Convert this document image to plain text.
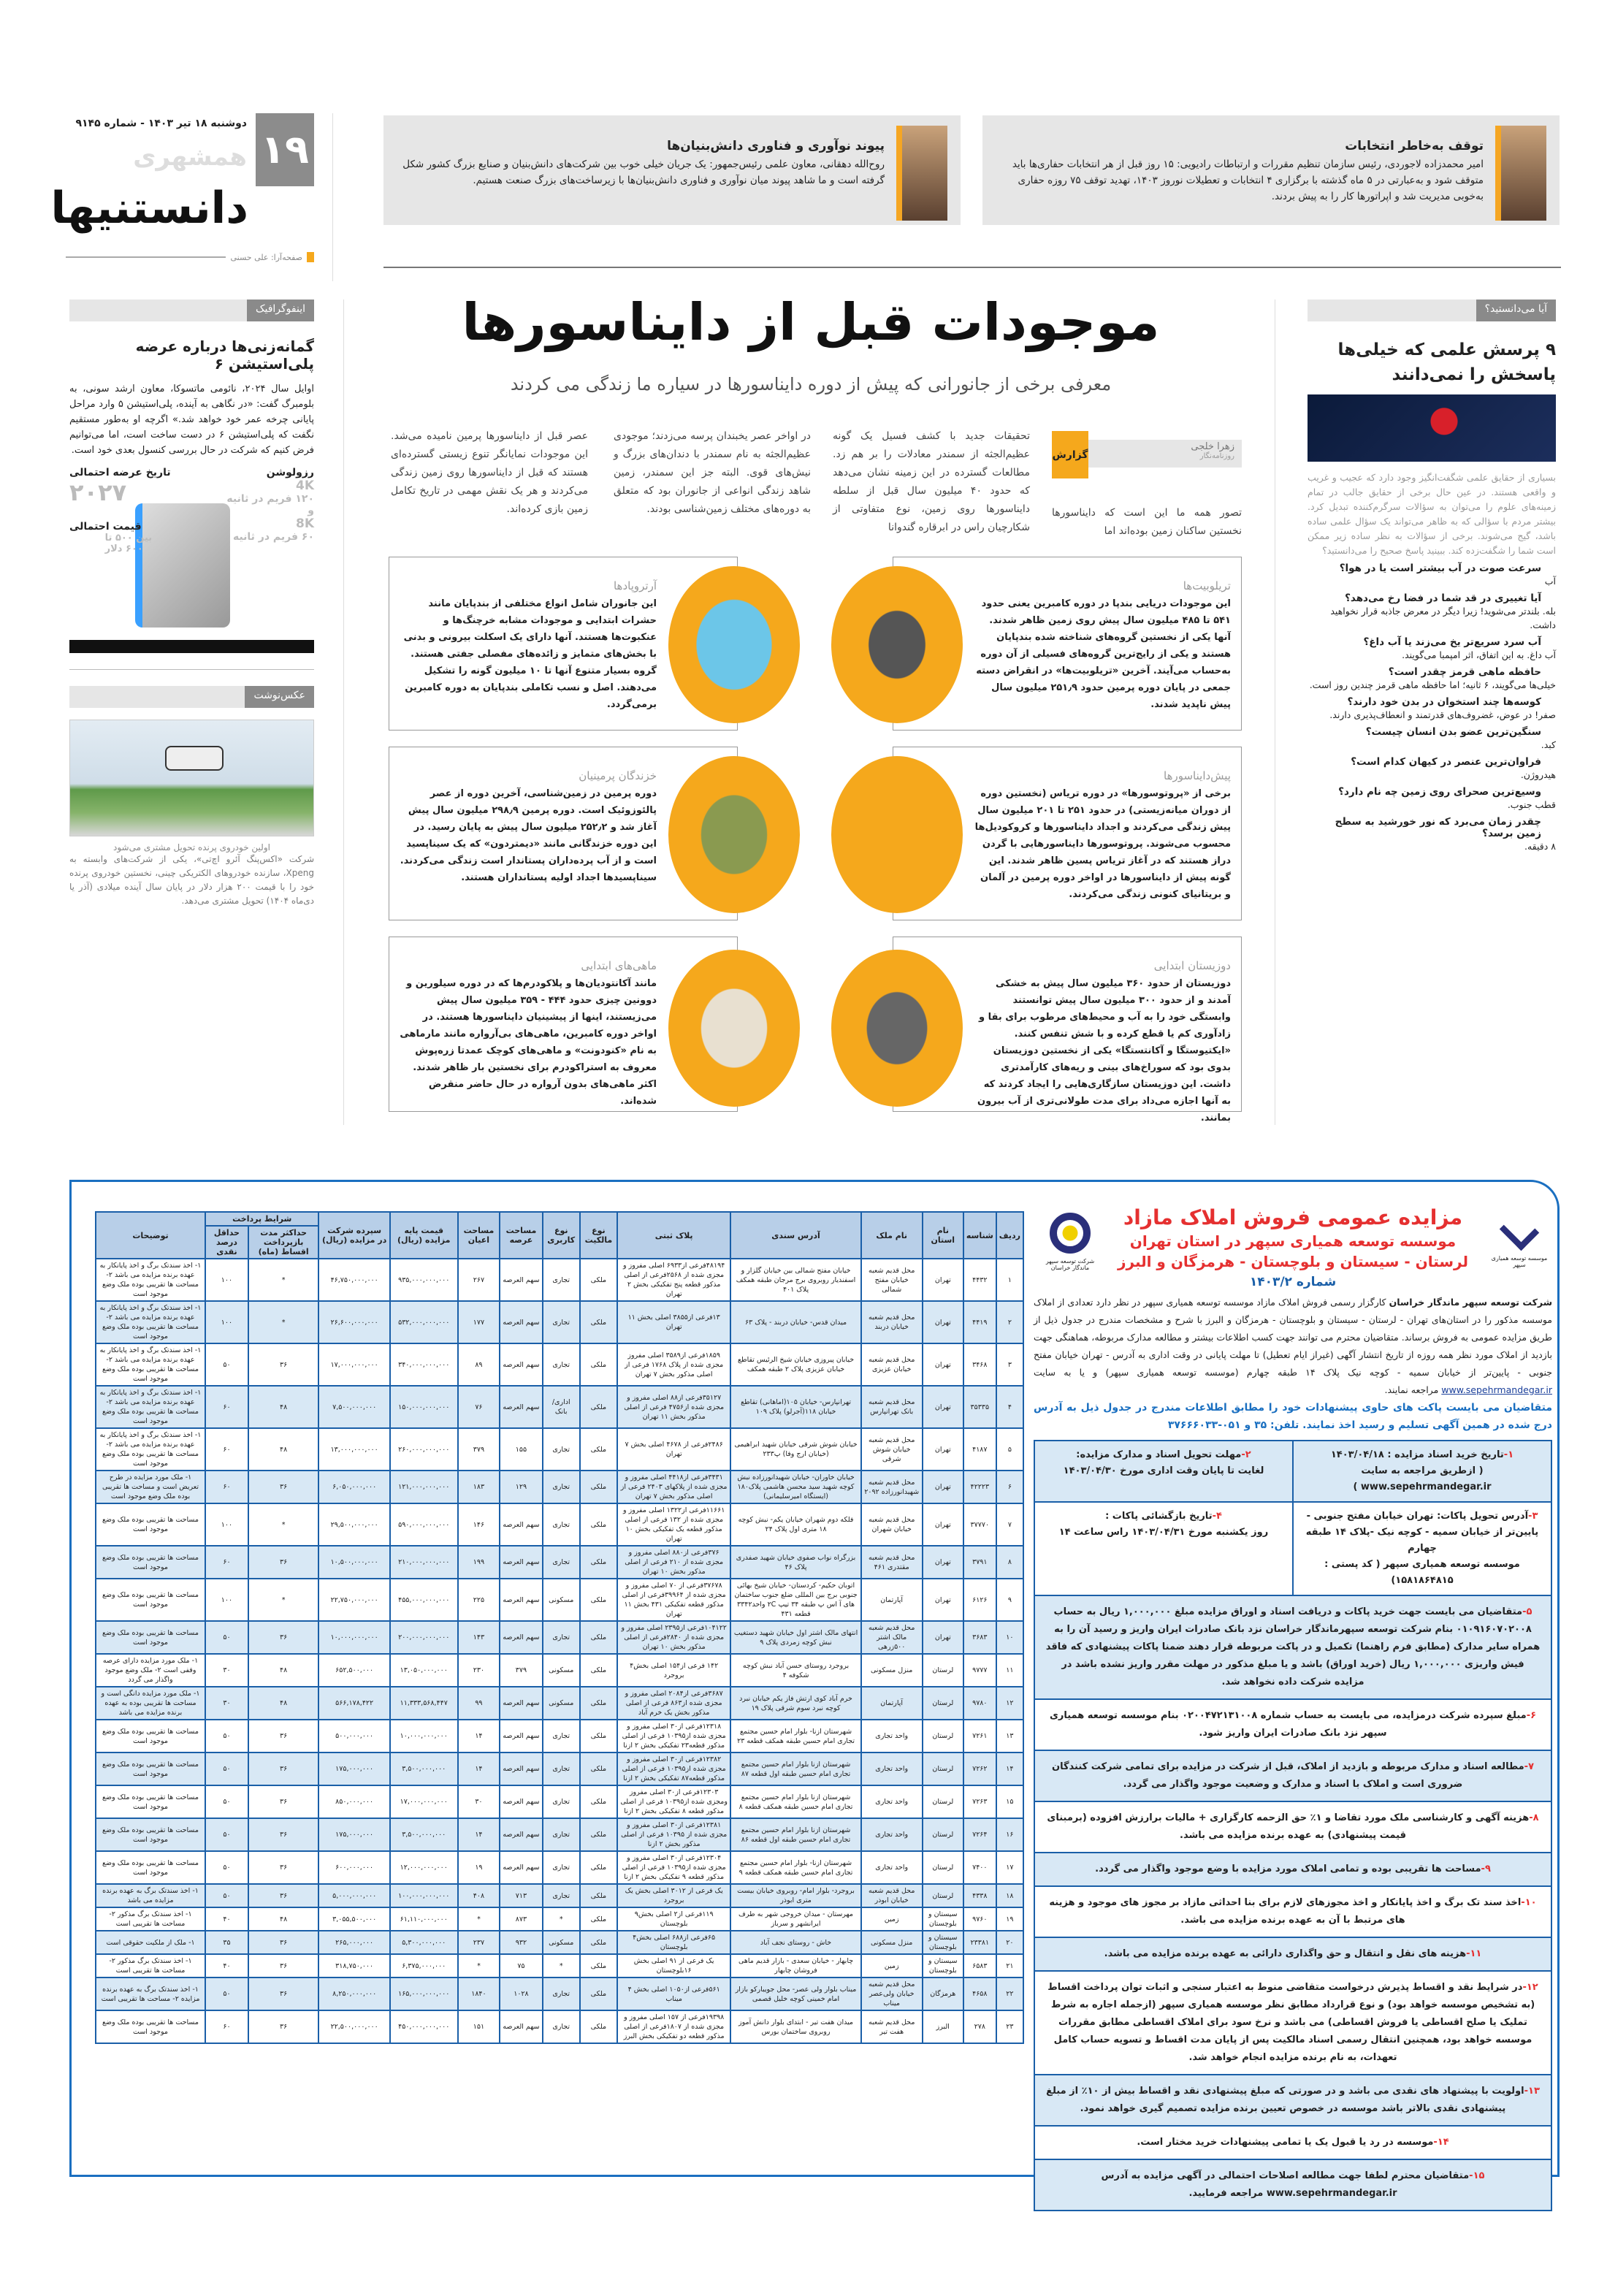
۱۹
دوشنبه ۱۸ تیر ۱۴۰۳ - شماره ۹۱۴۵
همشهری
دانستنیها
صفحه‌آرا: علی حسنی
توقف به‌خاطر انتخابات

امیر محمدزاده لاجوردی، رئیس سازمان تنظیم مقررات و ارتباطات رادیویی: ۱۵ روز قبل از هر انتخابات حفاری‌ها باید متوقف شود و به‌عبارتی در ۵ ماه گذشته با برگزاری ۴ انتخابات و تعطیلات نوروز ۱۴۰۳، تهدید توقف ۷۵ روزه حفاری به‌خوبی مدیریت شد و اپراتورها کار را به پیش بردند.

پیوند نوآوری و فناوری دانش‌بنیان‌ها

روح‌الله دهقانی، معاون علمی رئیس‌جمهور: یک جریان خیلی خوب بین شرکت‌های دانش‌بنیان و صنایع بزرگ کشور شکل گرفته است و ما شاهد پیوند میان نوآوری و فناوری دانش‌بنیان‌ها با زیرساخت‌های بزرگ صنعت هستیم.

اینفوگرافیک
گمانه‌زنی‌ها درباره عرضه پلی‌استیشن ۶

اوایل سال ۲۰۲۴، نائومی ماتسوکا، معاون ارشد سونی، به بلومبرگ گفت: «در نگاهی به آینده، پلی‌استیشن ۵ وارد مراحل پایانی چرخه عمر خود خواهد شد.» اگرچه او به‌طور مستقیم نگفت که پلی‌استیشن ۶ در دست ساخت است، اما می‌توانیم فرض کنیم که شرکت در حال بررسی کنسول بعدی خود است.

تاریخ عرضه احتمالی
۲۰۲۷
قیمت احتمالی
بین ۵۰۰ تا ۶۰۰ دلار
رزولوشن
4K
۱۲۰ فریم در ثانیه
و
8K
۶۰ فریم در ثانیه
عکس‌نوشت

اولین خودروی پرنده تحویل مشتری می‌شود

شرکت «اکس‌پنگ آئرو اچ‌تی»، یکی از شرکت‌های وابسته به Xpeng، سازنده خودروهای الکتریکی چینی، نخستین خودروی پرنده خود را با قیمت ۲۰۰ هزار دلار در پایان سال آینده میلادی (آذر یا دی‌ماه ۱۴۰۴) تحویل مشتری می‌دهد.

موجودات قبل از دایناسورها
معرفی برخی از جانورانی که پیش از دوره دایناسورها در سیاره ما زندگی می کردند
زهرا خلجی
روزنامه‌نگار
گزارش

تصور همه ما این است که دایناسورها نخستین ساکنان زمین بوده‌اند اما

تحقیقات جدید با کشف فسیل یک گونه عظیم‌الجثه از سمندر معادلات را بر هم زد. مطالعات گسترده در این زمینه نشان می‌دهد که حدود ۴۰ میلیون سال قبل از سلطه دایناسورها روی زمین، نوع متفاوتی از شکارچیان راس در ابرقاره گندوانا

در اواخر عصر یخبندان پرسه می‌زدند؛ موجودی عظیم‌الجثه به نام سمندر با دندان‌های بزرگ و نیش‌های قوی. البته جز این سمندر، زمین شاهد زندگی انواعی از جانوران بود که متعلق به دوره‌های مختلف زمین‌شناسی بودند.

عصر قبل از دایناسورها پرمین نامیده می‌شد. این موجودات نمایانگر تنوع زیستی گسترده‌ای هستند که قبل از دایناسورها روی زمین زندگی می‌کردند و هر یک نقش مهمی در تاریخ تکامل زمین بازی کرده‌اند.

تریلوبیت‌ها

این موجودات دریایی بندپا در دوره کامبرین یعنی حدود ۵۴۱ تا ۴۸۵ میلیون سال پیش روی زمین ظاهر شدند. آنها یکی از نخستین گروه‌های شناخته شده بندپایان هستند و یکی از رایج‌ترین گروه‌های فسیلی از آن دوره به‌حساب می‌آیند. آخرین «تریلوبیت‌ها» در انقراض دسته جمعی در پایان دوره پرمین حدود ۲۵۱٫۹ میلیون سال پیش ناپدید شدند.

آرتروپادها

این جانوران شامل انواع مختلفی از بندپایان مانند حشرات ابتدایی و موجودات مشابه خرچنگ‌ها و عنکبوت‌ها هستند. آنها دارای یک اسکلت بیرونی و بدنی با بخش‌های متمایز و زائده‌های مفصلی جفتی هستند. گروه بسیار متنوع آنها تا ۱۰ میلیون گونه را تشکیل می‌دهند. اصل و نسب تکاملی بندپایان به دوره کامبرین برمی‌گردد.

پیش‌دایناسورها

برخی از «پروتوسورها» در دوره تریاس (نخستین دوره از دوران میانه‌زیستی) در حدود ۲۵۱ تا ۲۰۱ میلیون سال پیش زندگی می‌کردند و اجداد دایناسورها و کروکودیل‌ها محسوب می‌شوند. پروتوسورها دایناسورهایی با گردن دراز هستند که در آغاز تریاس پسین ظاهر شدند. این گونه پیش از دایناسورها در اواخر دوره پرمین در آلمان و بریتانیای کنونی زندگی می‌کردند.

خزندگان پرمینیان

دوره پرمین در زمین‌شناسی، آخرین دوره از عصر پالئوزوئیک است. دوره پرمین ۲۹۸٫۹ میلیون سال پیش آغاز شد و ۲۵۲٫۲ میلیون سال پیش به پایان رسید. در این دوره خزندگانی مانند «دیمتردون» که یک سیناپسید است و از آب پرده‌داران پستاندار است زندگی می‌کردند. سیناپسیدها اجداد اولیه پستانداران هستند.

دوزیستان ابتدایی

دوزیستان از حدود ۳۶۰ میلیون سال پیش به خشکی آمدند و از حدود ۳۰۰ میلیون سال پیش توانستند وابستگی خود را به آب و محیط‌های مرطوب برای بقا و زادآوری کم یا قطع کرده و با شش تنفس کنند. «ایکتیوستگا و آکانتستگا» یکی از نخستین دوزیستان بدوی بود که سوراخ‌های بینی و ریه‌های کارآمدتری داشت. این دوزیستان سازگاری‌هایی را ایجاد کردند که به آنها اجازه می‌داد برای مدت طولانی‌تری از آب بیرون بمانند.

ماهی‌های ابتدایی

مانند آکانتودیان‌ها و پلاکودرم‌ها که در دوره سیلورین و دوونین چیزی حدود ۴۴۴ - ۳۵۹ میلیون سال پیش می‌زیستند، اینها از پیشینیان دایناسورها هستند. در اواخر دوره کامبرین، ماهی‌های بی‌آرواره مانند مارماهی به نام «کنودونت» و ماهی‌های کوچک عمدتا زره‌پوش معروف به استراکودرم برای نخستین بار ظاهر شدند. اکثر ماهی‌های بدون آرواره در حال حاضر منقرض شده‌اند.

آیا می‌دانستید؟
۹ پرسش علمی که خیلی‌ها پاسخش را نمی‌دانند

بسیاری از حقایق علمی شگفت‌انگیز وجود دارد که عجیب و غریب و واقعی هستند. در عین حال برخی از حقایق جالب در تمام زمینه‌های علوم را می‌توان به سؤالات سرگرم‌کننده تبدیل کرد. بیشتر مردم با سؤالی که به ظاهر می‌تواند یک سؤال علمی ساده باشد، گیج می‌شوند. برخی از سؤالات به نظر ساده زیر ممکن است شما را شگفت‌زده کند. ببینید پاسخ صحیح را می‌دانستید؟

سرعت صوت در آب بیشتر است یا در هوا؟
آب
آیا تغییری در قد شما در فضا رخ می‌دهد؟
بله. بلندتر می‌شوید! زیرا دیگر در معرض جاذبه قرار نخواهید داشت.
آب سرد سریع‌تر یخ می‌زند یا آب داغ؟
آب داغ. به این اتفاق، اثر امپمبا می‌گویند.
حافظه ماهی قرمز چقدر است؟
خیلی‌ها می‌گویند، ۶ ثانیه؛ اما حافظه ماهی قرمز چندین روز است.
کوسه‌ها چند استخوان در بدن خود دارند؟
صفر! در عوض، غضروف‌های قدرتمند و انعطاف‌پذیری دارند.
سنگین‌ترین عضو بدن انسان چیست؟
کبد.
فراوان‌ترین عنصر در کیهان کدام است؟
هیدروژن.
وسیع‌ترین صحرای روی زمین چه نام دارد؟
قطب جنوب.
چقدر زمان می‌برد که نور خورشید به سطح زمین برسد؟
۸ دقیقه.
موسسه توسعه همیاری سپهر
شرکت توسعه سپهر ماندگار خراسان
مزایده عمومی فروش املاک مازاد
موسسه توسعه همیاری سپهر در استان تهران
لرستان - سیستان و بلوچستان - هرمزگان و البرز
شماره ۱۴۰۳/۲

شرکت توسعه سپهر ماندگار خراسان کارگزار رسمی فروش املاک مازاد موسسه توسعه همیاری سپهر در نظر دارد تعدادی از املاک موسسه مذکور را در استان‌های تهران - لرستان - سیستان و بلوچستان - هرمزگان و البرز با شرح و مشخصات مندرج در جدول ذیل از طریق مزایده عمومی به فروش برساند. متقاضیان محترم می توانند جهت کسب اطلاعات بیشتر و مطالعه مدارک مربوطه، هماهنگی جهت بازدید از املاک مورد نظر همه روزه از تاریخ انتشار آگهی (غیراز ایام تعطیل) تا مهلت پایانی در وقت اداری به آدرس - تهران خیابان مفتح جنوبی - پایین‌تر از خیابان سمیه - کوچه نیک پلاک ۱۴ طبقه چهارم (موسسه توسعه همیاری سپهر) و یا به سایت www.sepehrmandegar.ir مراجعه نمایند.

متقاضیان می بایست پاکت های حاوی پیشنهادات خود را مطابق اطلاعات مندرج در جدول ذیل به آدرس درج شده در همین آگهی تسلیم و رسید اخذ نمایند. تلفن: ۳۵ و ۰۵۱-۳۷۶۶۶۰۳۳

۱-تاریخ خرید اسناد مزایده : ۱۴۰۳/۰۴/۱۸
( ازطریق مراجعه به سایت www.sepehrmandegar.ir )
۲-مهلت تحویل اسناد و مدارک مزایده:
لغایت تا پایان وقت اداری مورخ ۱۴۰۳/۰۴/۳۰
۳-آدرس تحویل پاکات: تهران خیابان مفتح جنوبی - پایین‌تر از خیابان سمیه - کوچه نیک -پلاک ۱۴ طبقه چهارم
موسسه توسعه همیاری سپهر ( کد پستی : ۱۵۸۱۸۶۴۸۱۵)
۴-تاریخ بازگشائی پاکات :
روز یکشنبه مورخ ۱۴۰۳/۰۴/۳۱ راس ساعت ۱۴
۵-متقاضیان می بایست جهت خرید پاکات و دریافت اسناد و اوراق مزایده مبلغ ۱,۰۰۰,۰۰۰ ریال به حساب ۰۱۰۹۱۶۰۷۰۲۰۰۸ بنام شرکت توسعه سپهرماندگار خراسان نزد بانک صادرات ایران واریز و رسید آن را به همراه سایر مدارک (مطابق فرم راهنما) تکمیل و در پاکت مربوطه قرار دهند ضمنا پاکات پیشنهادی که فاقد فیش واریزی ۱,۰۰۰,۰۰۰ ریال (خرید اوراق) باشد و یا مبلغ مذکور در مهلت مقرر واریز نشده باشد در مزایده شرکت داده نخواهد شد.
۶-مبلغ سپرده شرکت درمزایده، می بایست به حساب شماره ۰۲۰۰۴۷۲۱۳۱۰۰۸ بنام موسسه توسعه همیاری سپهر نزد بانک صادرات ایران واریز شود.
۷-مطالعه اسناد و مدارک مربوطه و بازدید از املاک، قبل از شرکت در مزایده برای تمامی شرکت کنندگان ضروری است و املاک با اسناد و مدارک و وضعیت موجود واگذار می گردد.
۸-هزینه آگهی و کارشناسی ملک مورد تقاضا و ۱٪ حق الزحمه کارگزاری + مالیات برارزش افزوده (برمبنای قیمت پیشنهادی) به عهده برنده مزایده می باشد.
۹-مساحت ها تقریبی بوده و تمامی املاک مورد مزایده با وضع موجود واگذار می گردد.
۱۰-اخذ سند تک برگ و اخذ پایانکار و اخذ مجوزهای لازم برای بنا احداثی مازاد بر مجوز های موجود و هزینه های مرتبط با آن به عهده برنده مزایده می باشد.
۱۱-هزینه های نقل و انتقال و حق واگذاری دارائی به عهده برنده مزایده می باشد.
۱۲-در شرایط نقد و اقساط پذیرش درخواست متقاضی منوط به اعتبار سنجی و اثبات توان پرداخت اقساط (به تشخیص موسسه خواهد بود) و نوع قرارداد مطابق نظر موسسه همیاری سپهر (ازجمله اجاره به شرط تملیک یا صلح اقساطی یا فروش اقساطی) می باشد و نرخ سود برای املاک اقساطی مطابق مقررات موسسه خواهد بود، همچنین انتقال رسمی اسناد مالکیت پس از پایان مدت اقساط و تسویه حساب کامل تعهدات، به نام برنده مزایده انجام خواهد شد.
۱۳-اولویت با پیشنهاد های نقدی می باشد و در صورتی که مبلغ پیشنهادی نقد و اقساط بیش از ۱۰٪ از مبلغ پیشنهادی نقدی بالاتر باشد موسسه در خصوص تعیین برنده مزایده تصمیم گیری خواهد نمود.
۱۴-موسسه در رد یا قبول یک یا تمامی پیشنهادات خرید مختار است.
۱۵-متقاضیان محترم لطفا جهت مطالعه اصلاحات احتمالی در آگهی مزایده به آدرس www.sepehrmandegar.ir مراجعه فرمایید.
ردیف	شناسه	نام استان	نام ملک	آدرس سندی	پلاک ثبتی	نوع مالکیت	نوع کاربری	مساحت عرصه	مساحت اعیان	قیمت پایه مزایده (ریال)	سپرده شرکت در مزایده (ریال)	شرایط پرداخت		توضیحات
												حداکثر مدت بازپرداخت اقساط (ماه)	حداقل درصد نقدی	
۱	۴۴۳۲	تهران	محل قدیم شعبه خیابان مفتح شمالی	خیابان مفتح شمالی بین خیابان گلزار و اسفندیار روبروی برج مرجان طبقه همکف پلاک ۴۰۱	۴۸۱۹۴فرعی از۶۹۳۳ اصلی مفروز و مجزی شده از ۲۵۶۸فرعی از اصلی مذکور قطعه پنج تفکیکی بخش ۲ تهران	ملکی	تجاری	سهم العرصه	۲۶۷	۹۳۵,۰۰۰,۰۰۰,۰۰۰	۴۶,۷۵۰,۰۰۰,۰۰۰	*	۱۰۰	۱- اخذ سندتک برگ و اخذ پایانکار به عهده برنده مزایده می باشد ۲- مساحت ها تقریبی بوده ملک وضع موجود است
۲	۴۴۱۹	تهران	محل قدیم شعبه خیابان دربند	میدان قدس- خیابان دربند - پلاک ۶۳	۱۳فرعی از۳۸۵۵ اصلی بخش ۱۱ تهران	ملکی	تجاری	سهم العرصه	۱۷۷	۵۳۲,۰۰۰,۰۰۰,۰۰۰	۲۶,۶۰۰,۰۰۰,۰۰۰	*	۱۰۰	۱- اخذ سندتک برگ و اخذ پایانکار به عهده برنده مزایده می باشد ۲- مساحت ها تقریبی بوده ملک وضع موجود است
۳	۳۴۶۸	تهران	محل قدیم شعبه خیابان عزیزی	خیابان پیروزی خیابان شیخ الرئیس تقاطع خیابان عزیزی پلاک ۲ طبقه همکف	۱۸۵۹فرعی از۳۵۸۹ اصلی مفروز مجزی شده از پلاک ۱۷۶۸ فرعی از اصلی مذکور بخش ۷ تهران	ملکی	تجاری	سهم العرصه	۸۹	۳۴۰,۰۰۰,۰۰۰,۰۰۰	۱۷,۰۰۰,۰۰۰,۰۰۰	۳۶	۵۰	۱- اخذ سندتک برگ و اخذ پایانکار به عهده برنده مزایده می باشد ۲- مساحت ها تقریبی بوده ملک وضع موجود است
۴	۳۵۳۳۵	تهران	محل قدیم شعبه بانک تهرانپارس	تهرانپارس- خیابان ۱۰۵(اماهانی) تقاطع خیابان ۱۱۸(آجرلو) پلاک ۱۰۹	۳۵۱۲۷فرعی از۸۸ اصلی مفروز و مجزی شده از۴۷۵۶ فرعی از اصلی مذکور بخش ۱۱ تهران	ملکی	اداری/ بانک	سهم العرصه	۷۶	۱۵۰,۰۰۰,۰۰۰,۰۰۰	۷,۵۰۰,۰۰۰,۰۰۰	۴۸	۶۰	۱- اخذ سندتک برگ و اخذ پایانکار به عهده برنده مزایده می باشد ۲- مساحت ها تقریبی بوده ملک وضع موجود است
۵	۴۱۸۷	تهران	محل قدیم شعبه خیابان شوش شرقی	خیابان شوش شرقی خیابان شهید ابراهیمی (خیابان ارج وفا) پ۲۳۳	۲۴۸۶فرعی از ۴۶۷۸ اصلی بخش ۷ تهران	ملکی	تجاری	۱۵۵	۳۷۹	۲۶۰,۰۰۰,۰۰۰,۰۰۰	۱۳,۰۰۰,۰۰۰,۰۰۰	۴۸	۶۰	۱- اخذ سندتک برگ و اخذ پایانکار به عهده برنده مزایده می باشد ۲- مساحت ها تقریبی بوده ملک وضع موجود است
۶	۴۲۲۲۳	تهران	محل قدیم شعبه شهیدانورزاده ۲۰۹۲	خیابان خاوران- خیابان شهیدانورزاده نبش کوچه شهید سید محسن هاشمی پلاک۱۸۰ (ایستگاه امیرسلیمانی)	۳۴۳۱فرعی از۴۴۱۸ اصلی مفروز و مجزی شده از پلاکهای ۲۴۰۳ فرعی از اصلی مذکور بخش ۷ تهران	ملکی	تجاری	۱۲۹	۱۸۳	۱۲۱,۰۰۰,۰۰۰,۰۰۰	۶,۰۵۰,۰۰۰,۰۰۰	۳۶	۶۰	۱- ملک مورد مزایده در طرح تعریض است و مساحت ها تقریبی بوده ملک وضع موجود است
۷	۳۷۷۷۰	تهران	محل قدیم شعبه خیابان شهران	فلکه دوم شهران خیابان یکم- نبش کوچه ۱۸ متری اول پلاک ۲۴	۱۱۶۶۱فرعی از۱۳۲۲ اصلی مفروز و مجزی شده از ۱۳۲ فرعی از اصلی مذکور قطعه یک تفکیکی بخش ۱۰ تهران	ملکی	تجاری	سهم العرصه	۱۴۶	۵۹۰,۰۰۰,۰۰۰,۰۰۰	۲۹,۵۰۰,۰۰۰,۰۰۰	*	۱۰۰	مساحت ها تقریبی بوده ملک وضع موجود است
۸	۳۷۹۱	تهران	محل قدیم شعبه مقتدری ۴۶۱	بزرگراه نواب صفوی خیابان شهید صفدری پلاک ۴۶	۳۷۶فرعی از۸۸۰ اصلی مفروز و مجزی شده از ۲۱۰ فرعی از اصلی مذکور بخش ۱۰ تهران	ملکی	تجاری	سهم العرصه	۱۹۹	۲۱۰,۰۰۰,۰۰۰,۰۰۰	۱۰,۵۰۰,۰۰۰,۰۰۰	۳۶	۶۰	مساحت ها تقریبی بوده ملک وضع موجود است
۹	۶۱۲۶	تهران	آپارتمان	اتوبان حکیم- کردستان- خیابان شیخ بهائی جنوبی برج بین المللی ضلع جنوب ساختمان های آ اس پ طبقه ۳۴ تیپ ۲C واحد۳۳۴۲ قطعه ۴۳۱	۳۷۶۷۸فرعی از ۷۰ اصلی مفروز و مجزی شده از ۳۹۹۶۴فرعی از اصلی مذکور قطعه تفکیکی ۴۳۱ بخش ۱۱ تهران	ملکی	مسکونی	سهم العرصه	۲۲۵	۴۵۵,۰۰۰,۰۰۰,۰۰۰	۲۲,۷۵۰,۰۰۰,۰۰۰	*	۱۰۰	مساحت ها تقریبی بوده ملک وضع موجود است
۱۰	۳۶۸۳	تهران	محل قدیم شعبه مالک اشتر ۵۰۰زرهی	انتهای مالک اشتر اول خیابان شهید دستغیب نبش کوچه زمردی پلاک ۹	۱۰۴۱۲۲فرعی از۲۳۹۵ اصلی مفروز و مجزی شده از ۲۸۴۰فرعی از اصلی مذکور بخش ۱۰ تهران	ملکی	تجاری	سهم العرصه	۱۴۳	۲۰۰,۰۰۰,۰۰۰,۰۰۰	۱۰,۰۰۰,۰۰۰,۰۰۰	۳۶	۵۰	مساحت ها تقریبی بوده ملک وضع موجود است
۱۱	۹۷۷۷	لرستان	منزل مسکونی	بروجرد روستای حسن آباد نبش کوچه شکوفه ۴	۱۴۲ فرعی از۱۵۴ اصلی بخش۴ بروجرد	ملکی	مسکونی	۳۷۹	۲۳۰	۱۳,۰۵۰,۰۰۰,۰۰۰	۶۵۲,۵۰۰,۰۰۰	۴۸	۳۰	۱- ملک مورد مزایده دارای عرصه وقفی است ۲- ملک وضع موجود واگذار می گردد
۱۲	۹۷۸۰	لرستان	آپارتمان	خرم آباد کوی ارتش فاز یکم خیابان نبرد کوچه نبرد سوم شرقی پلاک ۱۹	۳۶۸۷فرعی از۲۰۸۴ اصلی مفروز و مجزی شده از۸۶۳ فرعی از اصلی مذکور بخش یک خرم آباد	ملکی	مسکونی	سهم العرصه	۹۹	۱۱,۳۳۳,۵۶۸,۴۴۷	۵۶۶,۱۷۸,۴۲۲	۴۸	۳۰	۱- ملک مورد مزایده دانگی است و مساحت ها تقریبی بوده به عهده برنده مزایده می باشد
۱۳	۷۲۶۱	لرستان	واحد تجاری	شهرستان ازنا- بلوار امام حسین مجتمع تجاری امام حسین طبقه همکف قطعه ۲۳	۱۲۳۱۸فرعی از۳۰ اصلی مفروز و مجزی شده از۱۰۳۹۵ فرعی از اصلی مذکور قطعه۲۳ تفکیکی بخش ۲ ازنا	ملکی	تجاری	سهم العرصه	۱۴	۱۰,۰۰۰,۰۰۰,۰۰۰	۵۰۰,۰۰۰,۰۰۰	۳۶	۵۰	مساحت ها تقریبی بوده ملک وضع موجود است
۱۴	۷۲۶۲	لرستان	واحد تجاری	شهرستان ازنا بلوار امام حسین مجتمع تجاری امام حسین طبقه اول قطعه ۸۷	۱۲۳۸۲فرعی از۳۰ اصلی مفروز و مجزی شده از۱۰۳۹۵ فرعی از اصلی مذکور قطعه۸۷ تفکیکی بخش ۲ ازنا	ملکی	تجاری	سهم العرصه	۱۴	۳,۵۰۰,۰۰۰,۰۰۰	۱۷۵,۰۰۰,۰۰۰	۳۶	۵۰	مساحت ها تقریبی بوده ملک وضع موجود است
۱۵	۷۲۶۳	لرستان	واحد تجاری	شهرستان ازنا بلوار امام حسین مجتمع تجاری امام حسین طبقه همکف قطعه ۸	۱۲۳۰۳فرعی از۳۰ اصلی مفروز ومجزی شده از۱۰۳۹۵ فرعی از اصلی مذکور قطعه ۸ تفکیکی بخش ۲ ازنا	ملکی	تجاری	سهم العرصه	۳۰	۱۷,۰۰۰,۰۰۰,۰۰۰	۸۵۰,۰۰۰,۰۰۰	۳۶	۵۰	مساحت ها تقریبی بوده ملک وضع موجود است
۱۶	۷۲۶۴	لرستان	واحد تجاری	شهرستان ازنا بلوار امام حسین مجتمع تجاری امام حسین طبقه اول قطعه ۸۶	۱۲۳۸۱فرعی از۳۰ اصلی مفروز و مجزی شده از ۱۰۳۹۵ فرعی از اصلی مذکور بخش ۲ ازنا	ملکی	تجاری	سهم العرصه	۱۴	۳,۵۰۰,۰۰۰,۰۰۰	۱۷۵,۰۰۰,۰۰۰	۳۶	۵۰	مساحت ها تقریبی بوده ملک وضع موجود است
۱۷	۷۴۰۰	لرستان	واحد تجاری	شهرستان ازنا- بلوار امام حسین مجتمع تجاری امام حسین طبقه همکف قطعه ۹	۱۲۳۰۴فرعی از۳۰ اصلی مفروز و مجزی شده از۱۰۳۹۵ فرعی از اصلی مذکور قطعه ۹ تفکیکی بخش ۲ ازنا	ملکی	تجاری	سهم العرصه	۱۹	۱۲,۰۰۰,۰۰۰,۰۰۰	۶۰۰,۰۰۰,۰۰۰	۳۶	۵۰	مساحت ها تقریبی بوده ملک وضع موجود است
۱۸	۴۳۳۸	لرستان	محل قدیم شعبه خیابان ابوذر	بروجرد- بلوار امام- روبروی خیابان بیست متری ابوذر	یک فرعی از ۳۰۱۲ اصلی بخش یک بروجرد	ملکی	تجاری	۷۱۳	۴۰۸	۱۰۰,۰۰۰,۰۰۰,۰۰۰	۵,۰۰۰,۰۰۰,۰۰۰	۳۶	۵۰	۱- اخذ سندتک برگ به عهده برنده مزایده می باشد
۱۹	۹۷۶۰	سیستان و بلوچستان	زمین	مهرستان - میدان خروجی شهر به طرف ایرانشهر و سرباز	۱۱۹فرعی از۲ اصلی بخش۹ بلوچستان	ملکی	*	۸۷۳	*	۶۱,۱۱۰,۰۰۰,۰۰۰	۳,۰۵۵,۵۰۰,۰۰۰	۴۸	۴۰	۱- اخذ سندتک برگ مذکور ۲- مساحت ها تقریبی است
۲۰	۲۳۳۸۱	سیستان و بلوچستان	منزل مسکونی	خاش - روستای نجف آباد	۶۵فرعی از۶۸۸ اصلی بخش۴ بلوچستان	ملکی	مسکونی	۹۳۲	۲۳۷	۵,۳۰۰,۰۰۰,۰۰۰	۲۶۵,۰۰۰,۰۰۰	۳۶	۳۵	۱- ملک از ملکیت حقوقی است
۲۱	۶۵۸۳	سیستان و بلوچستان	زمین	چابهار - خیابان سعدی - بازار قدیم ماهی فروشان چابهار	یک فرعی از ۹۱ اصلی بخش ۱۶بلوچستان	ملکی	*	۷۵	*	۶,۳۷۵,۰۰۰,۰۰۰	۳۱۸,۷۵۰,۰۰۰	۳۶	۴۰	۱- اخذ سندتک برگ مذکور ۲- مساحت ها تقریبی است
۲۲	۴۶۵۸	هرمزگان	محل قدیم شعبه خیابان ولی‌عصر میناب	میناب بلوار ولی عصر- محل جویبارکو بازار امام خمینی کوچه خلیل قصمی	۵۶۱فرعی از۱۰۵۰ اصلی بخش ۴ میناب	ملکی	تجاری	۱۰۲۸	۱۸۴۰	۱۶۵,۰۰۰,۰۰۰,۰۰۰	۸,۲۵۰,۰۰۰,۰۰۰	۳۶	۵۰	۱- اخذ سندتک برگ به عهده برنده مزایده ۲- مساحت ها تقریبی است
۲۳	۲۷۸	البرز	محل قدیم شعبه هفت تیر	میدان هفت تیر - ابتدای بلوار دانش آموز روبروی ساختمان بورس	۱۹۳۹۸فرعی از ۱۵۷ اصلی مفروز و مجزی شده از ۱۸۰۷فرعی از اصلی مذکور قطعه دو تفکیکی بخش البرز	ملکی	تجاری	سهم العرصه	۱۵۱	۴۵۰,۰۰۰,۰۰۰,۰۰۰	۲۲,۵۰۰,۰۰۰,۰۰۰	۳۶	۶۰	مساحت ها تقریبی بوده ملک وضع موجود است
